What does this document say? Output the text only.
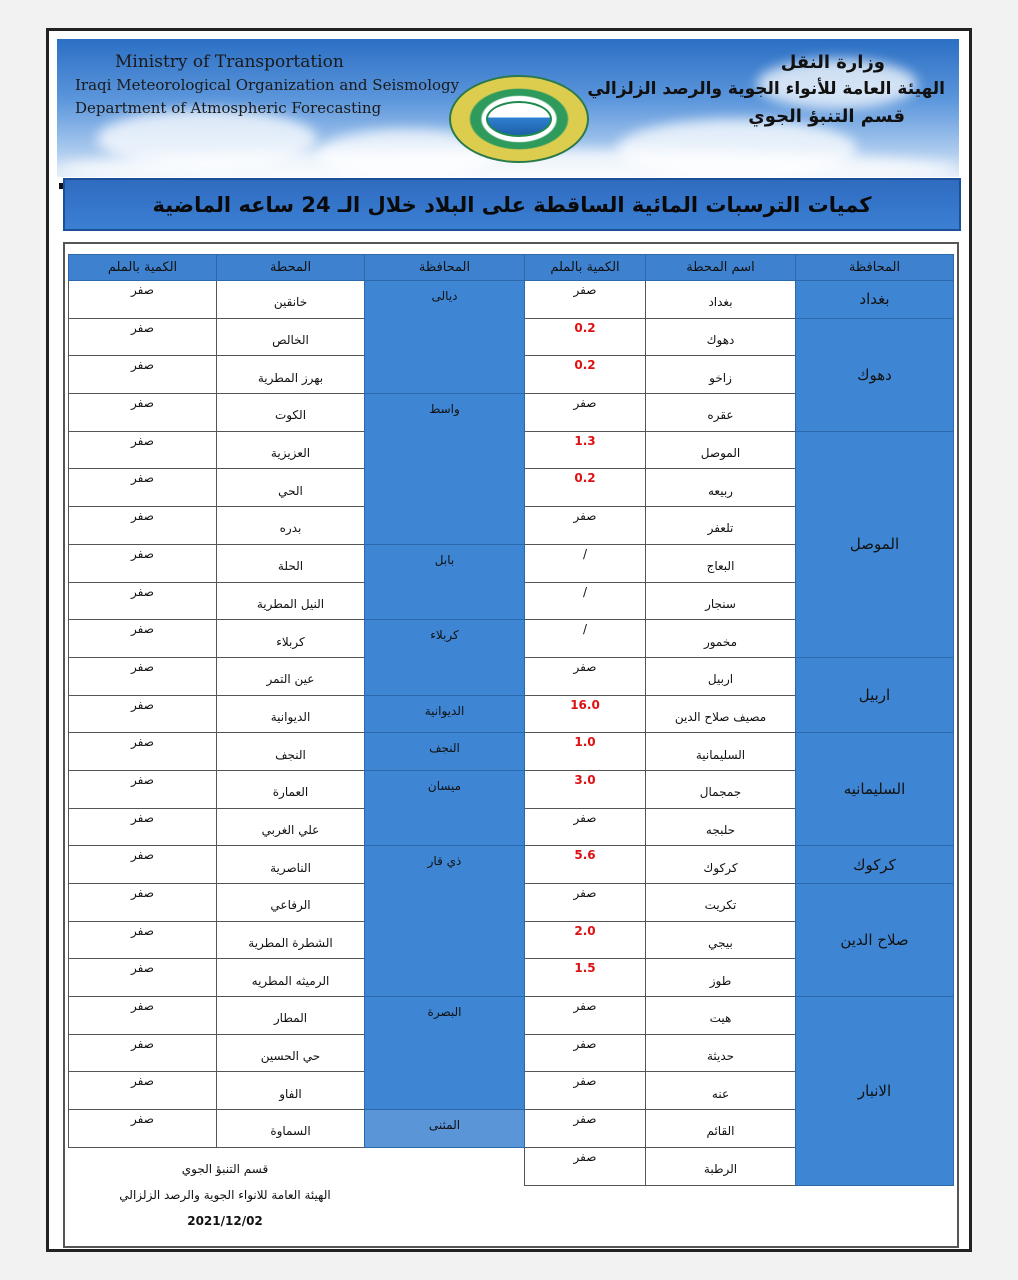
Ministry of Transportation
Iraqi Meteorological Organization and Seismology
Department of Atmospheric Forecasting
وزارة النقل
الهيئة العامة للأنواء الجوية والرصد الزلزالي
قسم التنبؤ الجوي
كميات الترسبات المائية الساقطة على البلاد خلال الـ 24 ساعه الماضية
المحافظة	اسم المحطة	الكمية بالملم
بغداد	بغداد	صفر
دهوك	دهوك	0.2
	زاخو	0.2
	عقره	صفر
الموصل	الموصل	1.3
	ربيعه	0.2
	تلعفر	صفر
	البعاج	/
	سنجار	/
	مخمور	/
اربيل	اربيل	صفر
	مصيف صلاح الدين	16.0
السليمانيه	السليمانية	1.0
	جمجمال	3.0
	حلبجه	صفر
كركوك	كركوك	5.6
صلاح الدين	تكريت	صفر
	بيجي	2.0
	طوز	1.5
الانبار	هيت	صفر
	حديثة	صفر
	عنه	صفر
	القائم	صفر
	الرطبة	صفر
المحافظة	المحطة	الكمية بالملم
ديالى	خانقين	صفر
	الخالص	صفر
	بهرز المطرية	صفر
واسط	الكوت	صفر
	العزيزية	صفر
	الحي	صفر
	بدره	صفر
بابل	الحلة	صفر
	النيل المطرية	صفر
كربلاء	كربلاء	صفر
	عين التمر	صفر
الديوانية	الديوانية	صفر
النجف	النجف	صفر
ميسان	العمارة	صفر
	علي الغربي	صفر
ذي قار	الناصرية	صفر
	الرفاعي	صفر
	الشطرة المطرية	صفر
	الرميثه المطريه	صفر
البصرة	المطار	صفر
	حي الحسين	صفر
	الفاو	صفر
المثنى	السماوة	صفر
قسم التنبؤ الجوي
الهيئة العامة للانواء الجوية والرصد الزلزالي
2021/12/02
